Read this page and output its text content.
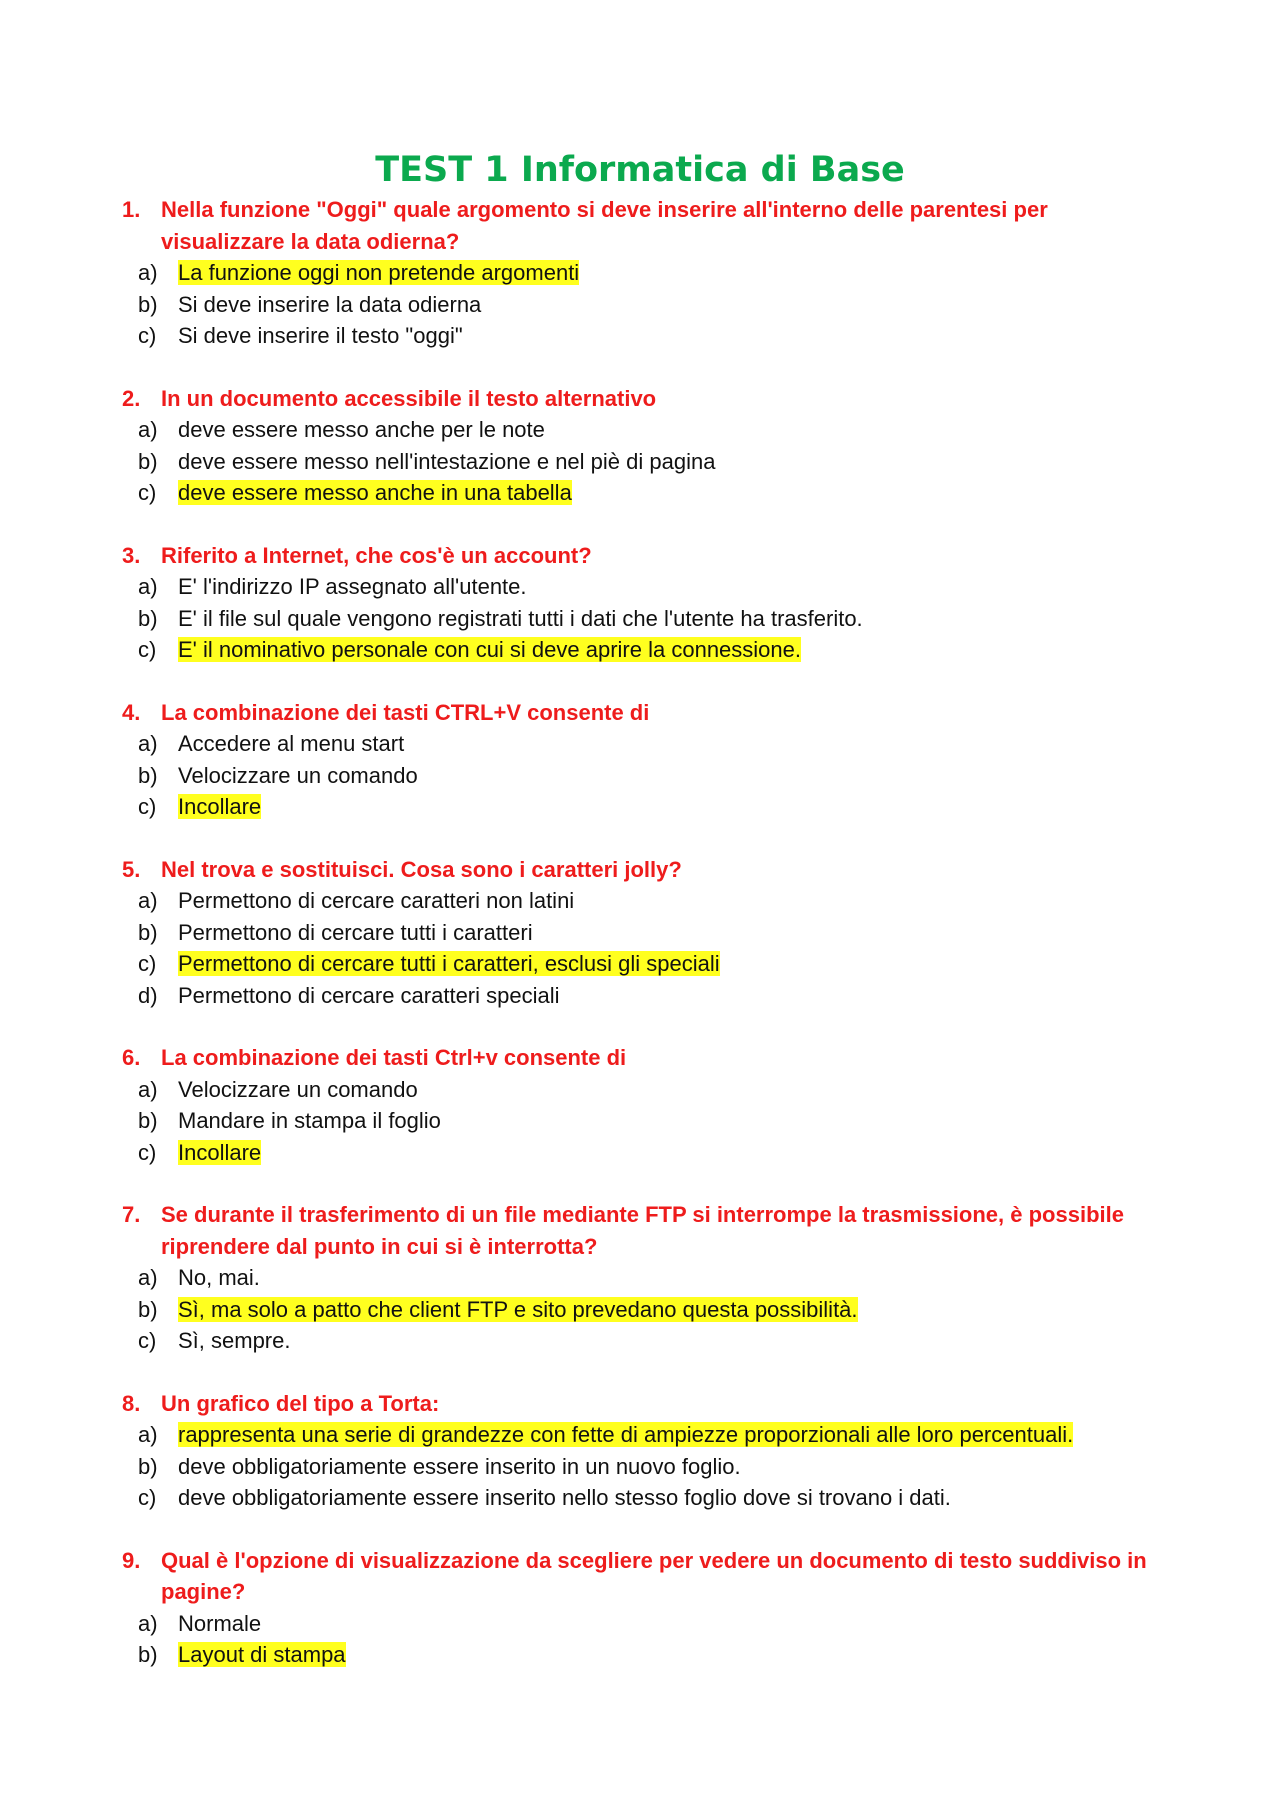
TEST 1 Informatica di Base
1. Nella funzione "Oggi" quale argomento si deve inserire all'interno delle parentesi per visualizzare la data odierna?
a) La funzione oggi non pretende argomenti
b) Si deve inserire la data odierna
c) Si deve inserire il testo "oggi"
2. In un documento accessibile il testo alternativo
a) deve essere messo anche per le note
b) deve essere messo nell'intestazione e nel piè di pagina
c) deve essere messo anche in una tabella
3. Riferito a Internet, che cos'è un account?
a) E' l'indirizzo IP assegnato all'utente.
b) E' il file sul quale vengono registrati tutti i dati che l'utente ha trasferito.
c) E' il nominativo personale con cui si deve aprire la connessione.
4. La combinazione dei tasti CTRL+V consente di
a) Accedere al menu start
b) Velocizzare un comando
c) Incollare
5. Nel trova e sostituisci. Cosa sono i caratteri jolly?
a) Permettono di cercare caratteri non latini
b) Permettono di cercare tutti i caratteri
c) Permettono di cercare tutti i caratteri, esclusi gli speciali
d) Permettono di cercare caratteri speciali
6. La combinazione dei tasti Ctrl+v consente di
a) Velocizzare un comando
b) Mandare in stampa il foglio
c) Incollare
7. Se durante il trasferimento di un file mediante FTP si interrompe la trasmissione, è possibile riprendere dal punto in cui si è interrotta?
a) No, mai.
b) Sì, ma solo a patto che client FTP e sito prevedano questa possibilità.
c) Sì, sempre.
8. Un grafico del tipo a Torta:
a) rappresenta una serie di grandezze con fette di ampiezze proporzionali alle loro percentuali.
b) deve obbligatoriamente essere inserito in un nuovo foglio.
c) deve obbligatoriamente essere inserito nello stesso foglio dove si trovano i dati.
9. Qual è l'opzione di visualizzazione da scegliere per vedere un documento di testo suddiviso in pagine?
a) Normale
b) Layout di stampa
